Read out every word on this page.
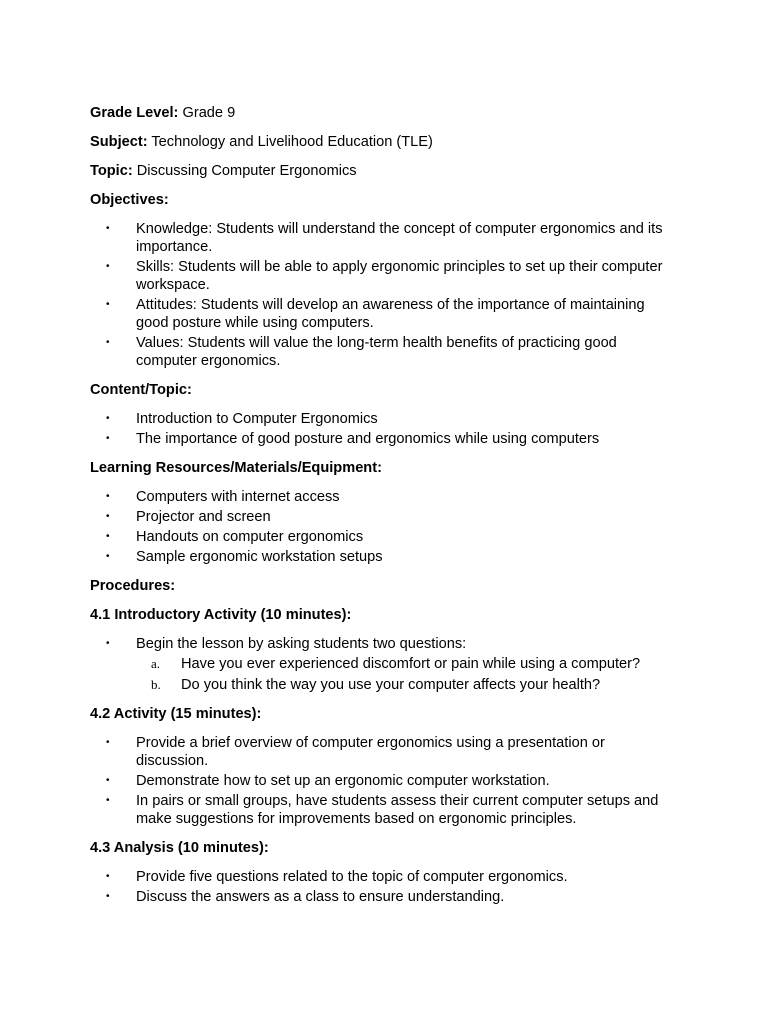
Grade Level: Grade 9
Subject: Technology and Livelihood Education (TLE)
Topic: Discussing Computer Ergonomics
Objectives:
• Knowledge: Students will understand the concept of computer ergonomics and its importance.
• Skills: Students will be able to apply ergonomic principles to set up their computer workspace.
• Attitudes: Students will develop an awareness of the importance of maintaining good posture while using computers.
• Values: Students will value the long-term health benefits of practicing good computer ergonomics.
Content/Topic:
• Introduction to Computer Ergonomics
• The importance of good posture and ergonomics while using computers
Learning Resources/Materials/Equipment:
• Computers with internet access
• Projector and screen
• Handouts on computer ergonomics
• Sample ergonomic workstation setups
Procedures:
4.1 Introductory Activity (10 minutes):
• Begin the lesson by asking students two questions:
a. Have you ever experienced discomfort or pain while using a computer?
b. Do you think the way you use your computer affects your health?
4.2 Activity (15 minutes):
• Provide a brief overview of computer ergonomics using a presentation or discussion.
• Demonstrate how to set up an ergonomic computer workstation.
• In pairs or small groups, have students assess their current computer setups and make suggestions for improvements based on ergonomic principles.
4.3 Analysis (10 minutes):
• Provide five questions related to the topic of computer ergonomics.
• Discuss the answers as a class to ensure understanding.
